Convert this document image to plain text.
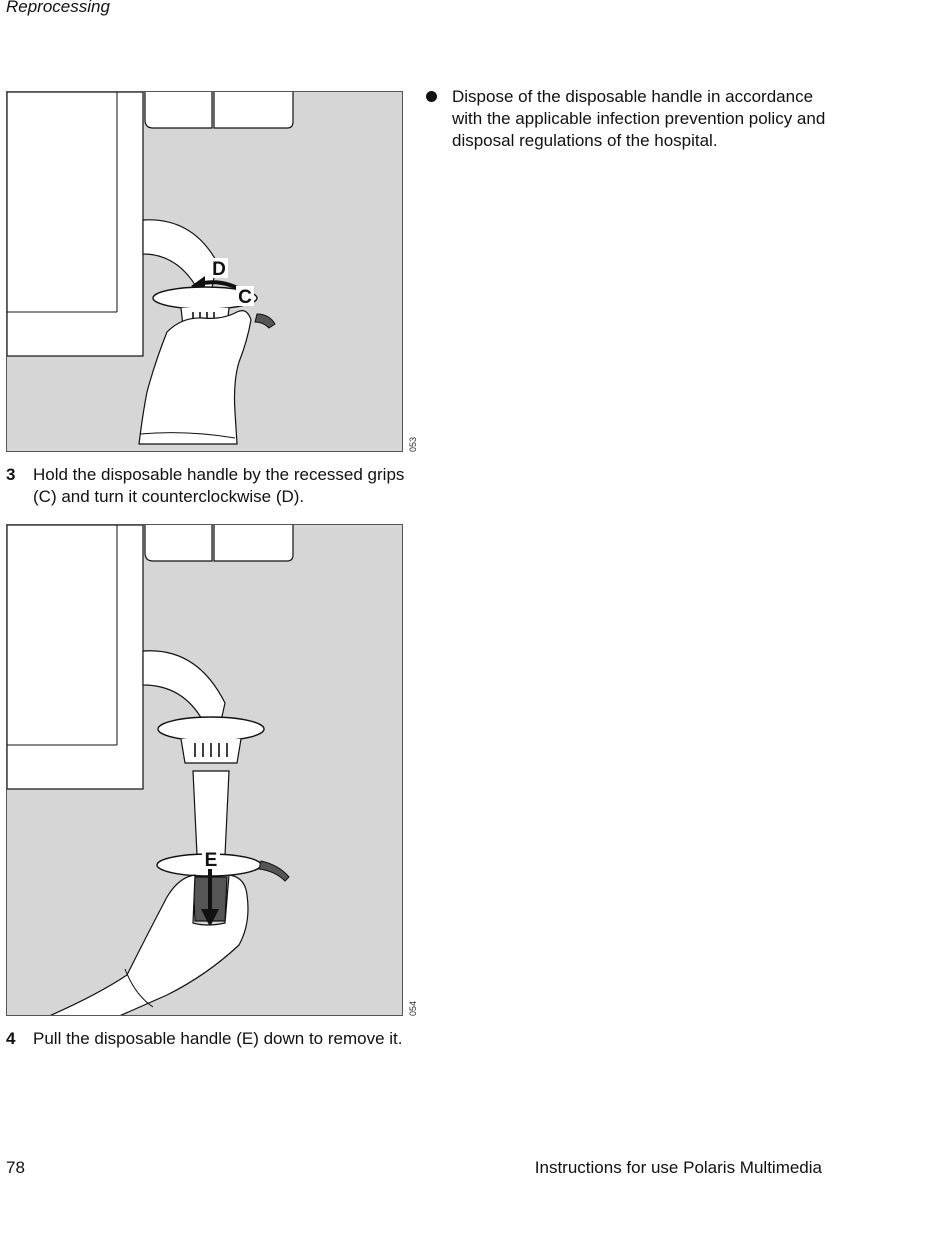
Reprocessing
D
C
053
3 Hold the disposable handle by the recessed grips (C) and turn it counterclockwise (D).
E
054
4 Pull the disposable handle (E) down to remove it.
Dispose of the disposable handle in accordance with the applicable infection prevention policy and disposal regulations of the hospital.
78	Instructions for use Polaris Multimedia
